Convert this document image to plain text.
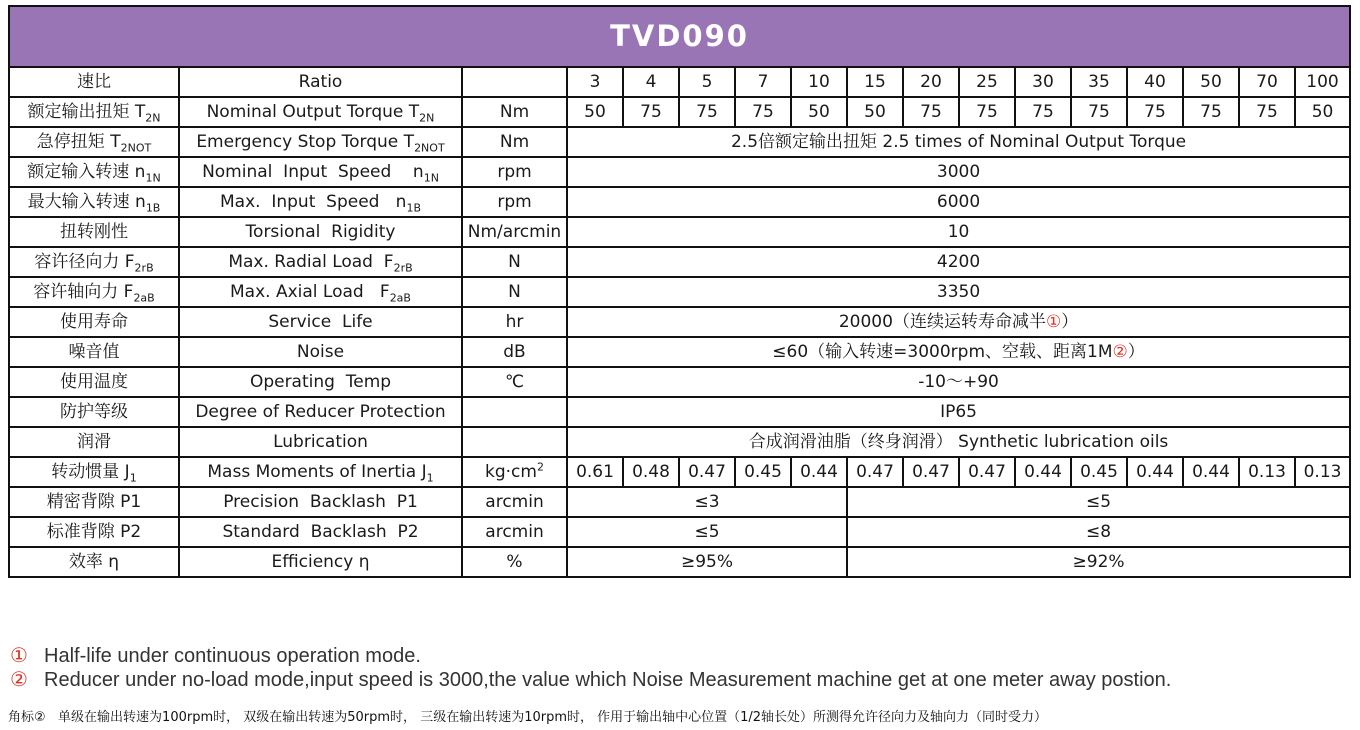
TVD090																
速比	Ratio		3	4	5	7	10	15	20	25	30	35	40	50	70	100
额定输出扭矩 $T_{2N}$	Nominal Output Torque $T_{2N}$	Nm	50	75	75	75	50	50	75	75	75	75	75	75	75	50
急停扭矩 $T_{2NOT}$	Emergency Stop Torque $T_{2NOT}$	Nm	2.5倍额定输出扭矩 2.5 times of Nominal Output Torque													
额定输入转速 $n_{1N}$	Nominal  Input  Speed    $n_{1N}$	rpm	3000													
最大输入转速 $n_{1B}$	Max.  Input  Speed   $n_{1B}$	rpm	6000													
扭转刚性	Torsional  Rigidity	Nm/arcmin	10													
容许径向力 $F_{2rB}$	Max. Radial Load  $F_{2rB}$	N	4200													
容许轴向力 $F_{2aB}$	Max. Axial Load   $F_{2aB}$	N	3350													
使用寿命	Service  Life	hr	20000（连续运转寿命减半①）													
噪音值	Noise	dB	≤60（输入转速=3000rpm、空载、距离1M②）													
使用温度	Operating  Temp	℃	-10～+90													
防护等级	Degree of Reducer Protection		IP65													
润滑	Lubrication		合成润滑油脂（终身润滑） Synthetic lubrication oils													
转动惯量 $J_1$	Mass Moments of Inertia $J_1$	$kg\cdot cm^2$	0.61	0.48	0.47	0.45	0.44	0.47	0.47	0.47	0.44	0.45	0.44	0.44	0.13	0.13
精密背隙 P1	Precision  Backlash  P1	arcmin	≤3					≤5								
标准背隙 P2	Standard  Backlash  P2	arcmin	≤5					≤8								
效率 η	Efficiency η	%	≥95%					≥92%								
① Half-life under continuous operation mode.
② Reducer under no-load mode,input speed is 3000,the value which Noise Measurement machine get at one meter away postion.
角标②   单级在输出转速为100rpm时， 双级在输出转速为50rpm时， 三级在输出转速为10rpm时， 作用于输出轴中心位置（1/2轴长处）所测得允许径向力及轴向力（同时受力）
